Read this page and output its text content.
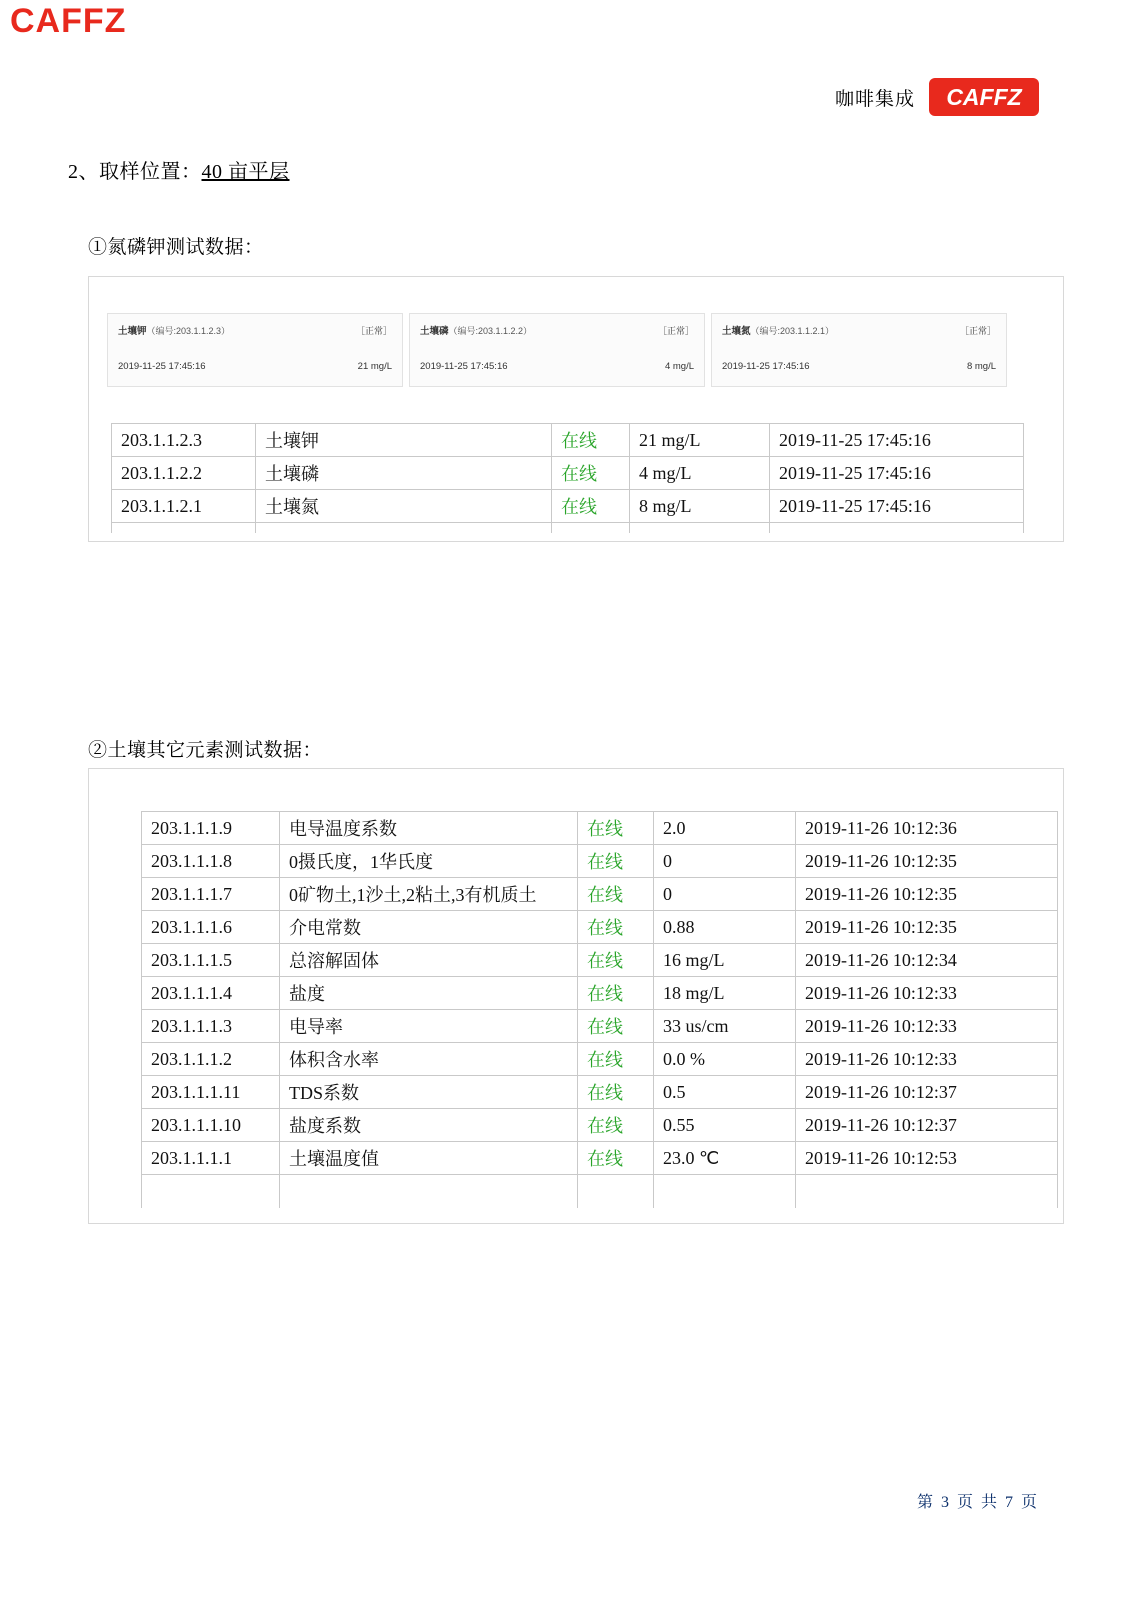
CAFFZ
咖啡集成 CAFFZ
2、取样位置：40 亩平层
①氮磷钾测试数据：
②土壤其它元素测试数据：
土壤钾（编号:203.1.1.2.3）	［正常］
2019-11-25 17:45:16	21 mg/L
土壤磷（编号:203.1.1.2.2）	［正常］
2019-11-25 17:45:16	4 mg/L
土壤氮（编号:203.1.1.2.1）	［正常］
2019-11-25 17:45:16	8 mg/L
203.1.1.2.3	土壤钾	在线	21 mg/L	2019-11-25 17:45:16
203.1.1.2.2	土壤磷	在线	4 mg/L	2019-11-25 17:45:16
203.1.1.2.1	土壤氮	在线	8 mg/L	2019-11-25 17:45:16

203.1.1.1.9	电导温度系数	在线	2.0	2019-11-26 10:12:36
203.1.1.1.8	0摄氏度，1华氏度	在线	0	2019-11-26 10:12:35
203.1.1.1.7	0矿物土,1沙土,2粘土,3有机质土	在线	0	2019-11-26 10:12:35
203.1.1.1.6	介电常数	在线	0.88	2019-11-26 10:12:35
203.1.1.1.5	总溶解固体	在线	16 mg/L	2019-11-26 10:12:34
203.1.1.1.4	盐度	在线	18 mg/L	2019-11-26 10:12:33
203.1.1.1.3	电导率	在线	33 us/cm	2019-11-26 10:12:33
203.1.1.1.2	体积含水率	在线	0.0 %	2019-11-26 10:12:33
203.1.1.1.11	TDS系数	在线	0.5	2019-11-26 10:12:37
203.1.1.1.10	盐度系数	在线	0.55	2019-11-26 10:12:37
203.1.1.1.1	土壤温度值	在线	23.0 ℃	2019-11-26 10:12:53

第 3 页 共 7 页
